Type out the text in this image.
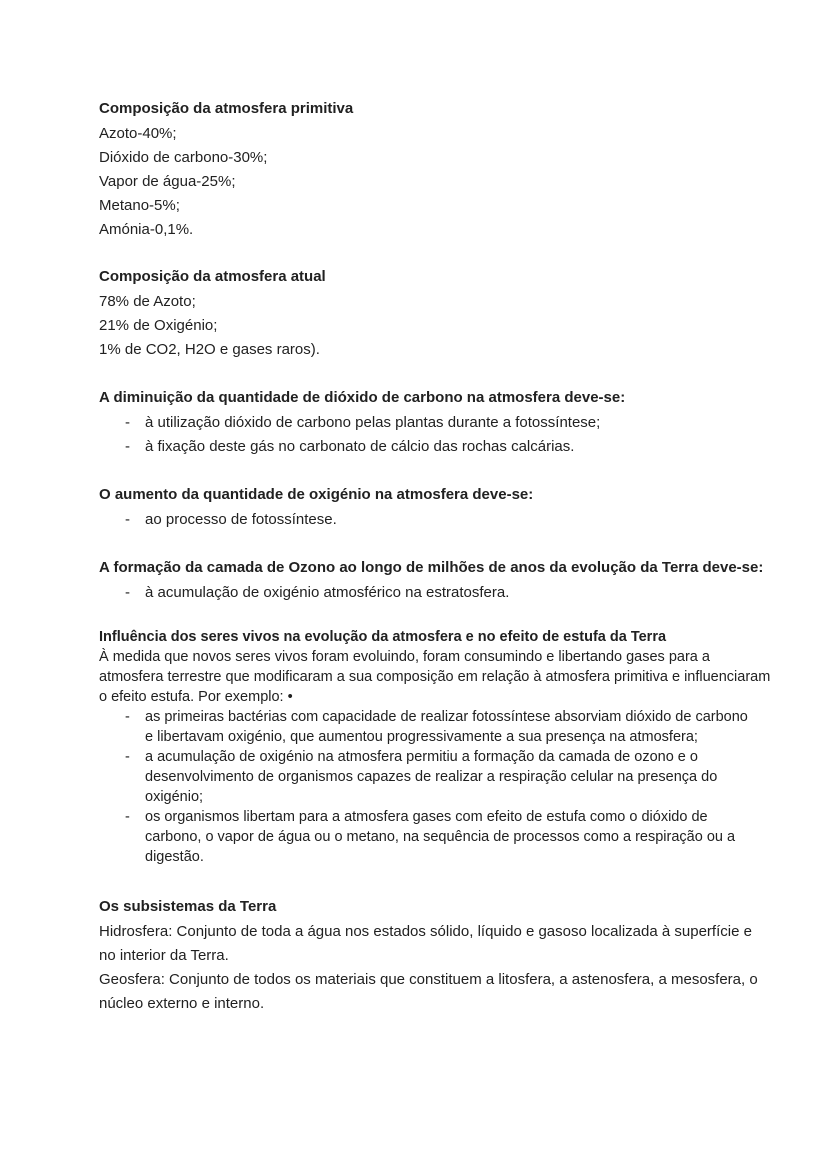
Composição da atmosfera primitiva
Azoto-40%;
Dióxido de carbono-30%;
Vapor de água-25%;
Metano-5%;
Amónia-0,1%.
Composição da atmosfera atual
78% de Azoto;
21% de Oxigénio;
1% de CO2, H2O e gases raros).
A diminuição da quantidade de dióxido de carbono na atmosfera deve-se:
-	à utilização dióxido de carbono pelas plantas durante a fotossíntese;
-	à fixação deste gás no carbonato de cálcio das rochas calcárias.
O aumento da quantidade de oxigénio na atmosfera deve-se:
-	ao processo de fotossíntese.
A formação da camada de Ozono ao longo de milhões de anos da evolução da Terra deve-se:
-	à acumulação de oxigénio atmosférico na estratosfera.
Influência dos seres vivos na evolução da atmosfera e no efeito de estufa da Terra
À medida que novos seres vivos foram evoluindo, foram consumindo e libertando gases para a atmosfera terrestre que modificaram a sua composição em relação à atmosfera primitiva e influenciaram o efeito estufa. Por exemplo: •
-	as primeiras bactérias com capacidade de realizar fotossíntese absorviam dióxido de carbono e libertavam oxigénio, que aumentou progressivamente a sua presença na atmosfera;
-	a acumulação de oxigénio na atmosfera permitiu a formação da camada de ozono e o desenvolvimento de organismos capazes de realizar a respiração celular na presença do oxigénio;
-	os organismos libertam para a atmosfera gases com efeito de estufa como o dióxido de carbono, o vapor de água ou o metano, na sequência de processos como a respiração ou a digestão.
Os subsistemas da Terra
Hidrosfera: Conjunto de toda a água nos estados sólido, líquido e gasoso localizada à superfície e no interior da Terra.
Geosfera: Conjunto de todos os materiais que constituem a litosfera, a astenosfera, a mesosfera, o núcleo externo e interno.
